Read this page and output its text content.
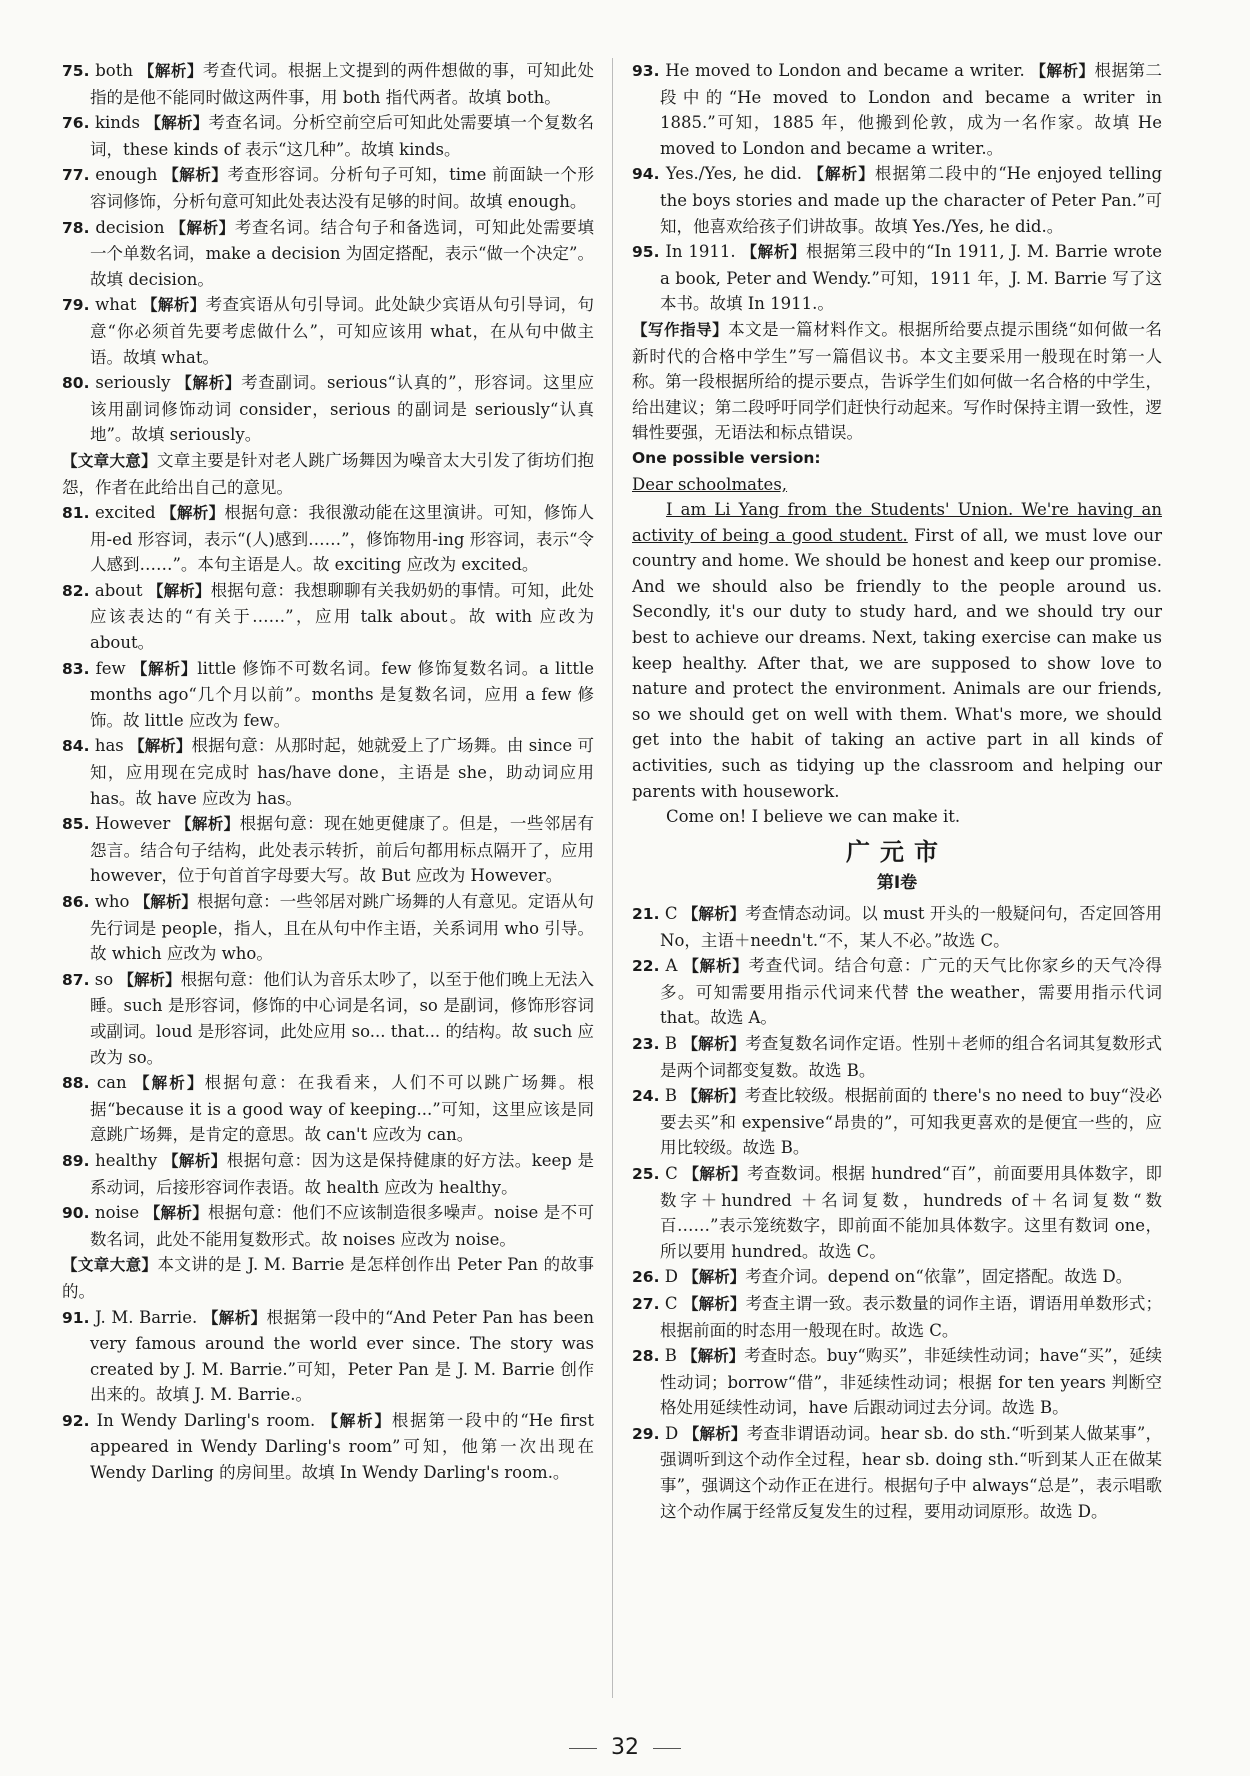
75. both 【解析】考查代词。根据上文提到的两件想做的事，可知此处指的是他不能同时做这两件事，用 both 指代两者。故填 both。

76. kinds 【解析】考查名词。分析空前空后可知此处需要填一个复数名词，these kinds of 表示“这几种”。故填 kinds。

77. enough 【解析】考查形容词。分析句子可知，time 前面缺一个形容词修饰，分析句意可知此处表达没有足够的时间。故填 enough。

78. decision 【解析】考查名词。结合句子和备选词，可知此处需要填一个单数名词，make a decision 为固定搭配，表示“做一个决定”。故填 decision。

79. what 【解析】考查宾语从句引导词。此处缺少宾语从句引导词，句意“你必须首先要考虑做什么”，可知应该用 what，在从句中做主语。故填 what。

80. seriously 【解析】考查副词。serious“认真的”，形容词。这里应该用副词修饰动词 consider，serious 的副词是 seriously“认真地”。故填 seriously。

【文章大意】文章主要是针对老人跳广场舞因为噪音太大引发了街坊们抱怨，作者在此给出自己的意见。

81. excited 【解析】根据句意：我很激动能在这里演讲。可知，修饰人用-ed 形容词，表示“(人)感到……”，修饰物用-ing 形容词，表示“令人感到……”。本句主语是人。故 exciting 应改为 excited。

82. about 【解析】根据句意：我想聊聊有关我奶奶的事情。可知，此处应该表达的“有关于……”，应用 talk about。故 with 应改为 about。

83. few 【解析】little 修饰不可数名词。few 修饰复数名词。a little months ago“几个月以前”。months 是复数名词，应用 a few 修饰。故 little 应改为 few。

84. has 【解析】根据句意：从那时起，她就爱上了广场舞。由 since 可知，应用现在完成时 has/have done，主语是 she，助动词应用 has。故 have 应改为 has。

85. However 【解析】根据句意：现在她更健康了。但是，一些邻居有怨言。结合句子结构，此处表示转折，前后句都用标点隔开了，应用 however，位于句首首字母要大写。故 But 应改为 However。

86. who 【解析】根据句意：一些邻居对跳广场舞的人有意见。定语从句先行词是 people，指人，且在从句中作主语，关系词用 who 引导。故 which 应改为 who。

87. so 【解析】根据句意：他们认为音乐太吵了，以至于他们晚上无法入睡。such 是形容词，修饰的中心词是名词，so 是副词，修饰形容词或副词。loud 是形容词，此处应用 so... that... 的结构。故 such 应改为 so。

88. can 【解析】根据句意：在我看来，人们不可以跳广场舞。根据“because it is a good way of keeping...”可知，这里应该是同意跳广场舞，是肯定的意思。故 can't 应改为 can。

89. healthy 【解析】根据句意：因为这是保持健康的好方法。keep 是系动词，后接形容词作表语。故 health 应改为 healthy。

90. noise 【解析】根据句意：他们不应该制造很多噪声。noise 是不可数名词，此处不能用复数形式。故 noises 应改为 noise。

【文章大意】本文讲的是 J. M. Barrie 是怎样创作出 Peter Pan 的故事的。

91. J. M. Barrie. 【解析】根据第一段中的“And Peter Pan has been very famous around the world ever since. The story was created by J. M. Barrie.”可知，Peter Pan 是 J. M. Barrie 创作出来的。故填 J. M. Barrie.。

92. In Wendy Darling's room. 【解析】根据第一段中的“He first appeared in Wendy Darling's room”可知，他第一次出现在 Wendy Darling 的房间里。故填 In Wendy Darling's room.。

93. He moved to London and became a writer. 【解析】根据第二段中的“He moved to London and became a writer in 1885.”可知，1885 年，他搬到伦敦，成为一名作家。故填 He moved to London and became a writer.。

94. Yes./Yes, he did. 【解析】根据第二段中的“He enjoyed telling the boys stories and made up the character of Peter Pan.”可知，他喜欢给孩子们讲故事。故填 Yes./Yes, he did.。

95. In 1911. 【解析】根据第三段中的“In 1911, J. M. Barrie wrote a book, Peter and Wendy.”可知，1911 年，J. M. Barrie 写了这本书。故填 In 1911.。

【写作指导】本文是一篇材料作文。根据所给要点提示围绕“如何做一名新时代的合格中学生”写一篇倡议书。本文主要采用一般现在时第一人称。第一段根据所给的提示要点，告诉学生们如何做一名合格的中学生，给出建议；第二段呼吁同学们赶快行动起来。写作时保持主谓一致性，逻辑性要强，无语法和标点错误。

One possible version:

Dear schoolmates,

I am Li Yang from the Students' Union. We're having an activity of being a good student. First of all, we must love our country and home. We should be honest and keep our promise. And we should also be friendly to the people around us. Secondly, it's our duty to study hard, and we should try our best to achieve our dreams. Next, taking exercise can make us keep healthy. After that, we are supposed to show love to nature and protect the environment. Animals are our friends, so we should get on well with them. What's more, we should get into the habit of taking an active part in all kinds of activities, such as tidying up the classroom and helping our parents with housework.

Come on! I believe we can make it.

广元市
第Ⅰ卷

21. C 【解析】考查情态动词。以 must 开头的一般疑问句，否定回答用 No，主语＋needn't.“不，某人不必。”故选 C。

22. A 【解析】考查代词。结合句意：广元的天气比你家乡的天气冷得多。可知需要用指示代词来代替 the weather，需要用指示代词 that。故选 A。

23. B 【解析】考查复数名词作定语。性别＋老师的组合名词其复数形式是两个词都变复数。故选 B。

24. B 【解析】考查比较级。根据前面的 there's no need to buy“没必要去买”和 expensive“昂贵的”，可知我更喜欢的是便宜一些的，应用比较级。故选 B。

25. C 【解析】考查数词。根据 hundred“百”，前面要用具体数字，即数字＋hundred ＋名词复数，hundreds of＋名词复数“数百……”表示笼统数字，即前面不能加具体数字。这里有数词 one，所以要用 hundred。故选 C。

26. D 【解析】考查介词。depend on“依靠”，固定搭配。故选 D。

27. C 【解析】考查主谓一致。表示数量的词作主语，谓语用单数形式；根据前面的时态用一般现在时。故选 C。

28. B 【解析】考查时态。buy“购买”，非延续性动词；have“买”，延续性动词；borrow“借”，非延续性动词；根据 for ten years 判断空格处用延续性动词，have 后跟动词过去分词。故选 B。

29. D 【解析】考查非谓语动词。hear sb. do sth.“听到某人做某事”，强调听到这个动作全过程，hear sb. doing sth.“听到某人正在做某事”，强调这个动作正在进行。根据句子中 always“总是”，表示唱歌这个动作属于经常反复发生的过程，要用动词原形。故选 D。

32
